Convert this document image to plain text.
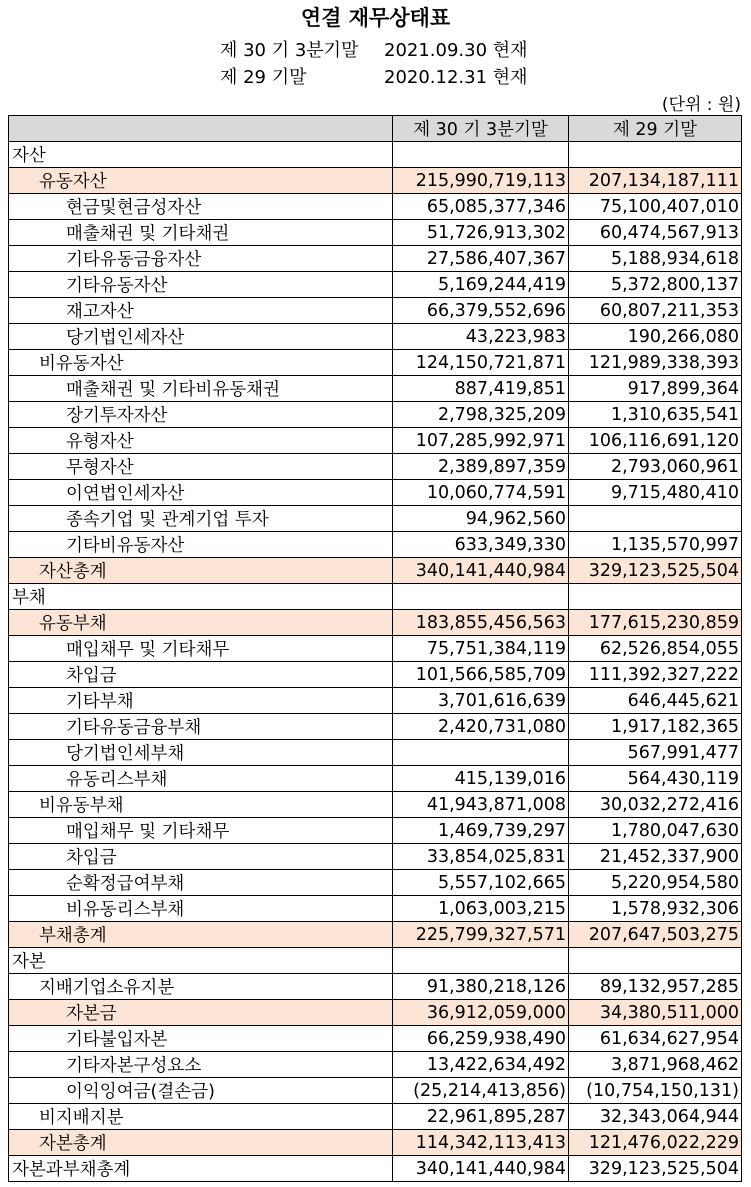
연결 재무상태표
제 30 기 3분기말 2021.09.30 현재
제 29 기말	2020.12.31 현재
(단위 : 원)
	제 30 기 3분기말	제 29 기말
자산		
유동자산	215,990,719,113	207,134,187,111
현금및현금성자산	65,085,377,346	75,100,407,010
매출채권 및 기타채권	51,726,913,302	60,474,567,913
기타유동금융자산	27,586,407,367	5,188,934,618
기타유동자산	5,169,244,419	5,372,800,137
재고자산	66,379,552,696	60,807,211,353
당기법인세자산	43,223,983	190,266,080
비유동자산	124,150,721,871	121,989,338,393
매출채권 및 기타비유동채권	887,419,851	917,899,364
장기투자자산	2,798,325,209	1,310,635,541
유형자산	107,285,992,971	106,116,691,120
무형자산	2,389,897,359	2,793,060,961
이연법인세자산	10,060,774,591	9,715,480,410
종속기업 및 관계기업 투자	94,962,560	
기타비유동자산	633,349,330	1,135,570,997
자산총계	340,141,440,984	329,123,525,504
부채		
유동부채	183,855,456,563	177,615,230,859
매입채무 및 기타채무	75,751,384,119	62,526,854,055
차입금	101,566,585,709	111,392,327,222
기타부채	3,701,616,639	646,445,621
기타유동금융부채	2,420,731,080	1,917,182,365
당기법인세부채		567,991,477
유동리스부채	415,139,016	564,430,119
비유동부채	41,943,871,008	30,032,272,416
매입채무 및 기타채무	1,469,739,297	1,780,047,630
차입금	33,854,025,831	21,452,337,900
순확정급여부채	5,557,102,665	5,220,954,580
비유동리스부채	1,063,003,215	1,578,932,306
부채총계	225,799,327,571	207,647,503,275
자본		
지배기업소유지분	91,380,218,126	89,132,957,285
자본금	36,912,059,000	34,380,511,000
기타불입자본	66,259,938,490	61,634,627,954
기타자본구성요소	13,422,634,492	3,871,968,462
이익잉여금(결손금)	(25,214,413,856)	(10,754,150,131)
비지배지분	22,961,895,287	32,343,064,944
자본총계	114,342,113,413	121,476,022,229
자본과부채총계	340,141,440,984	329,123,525,504
